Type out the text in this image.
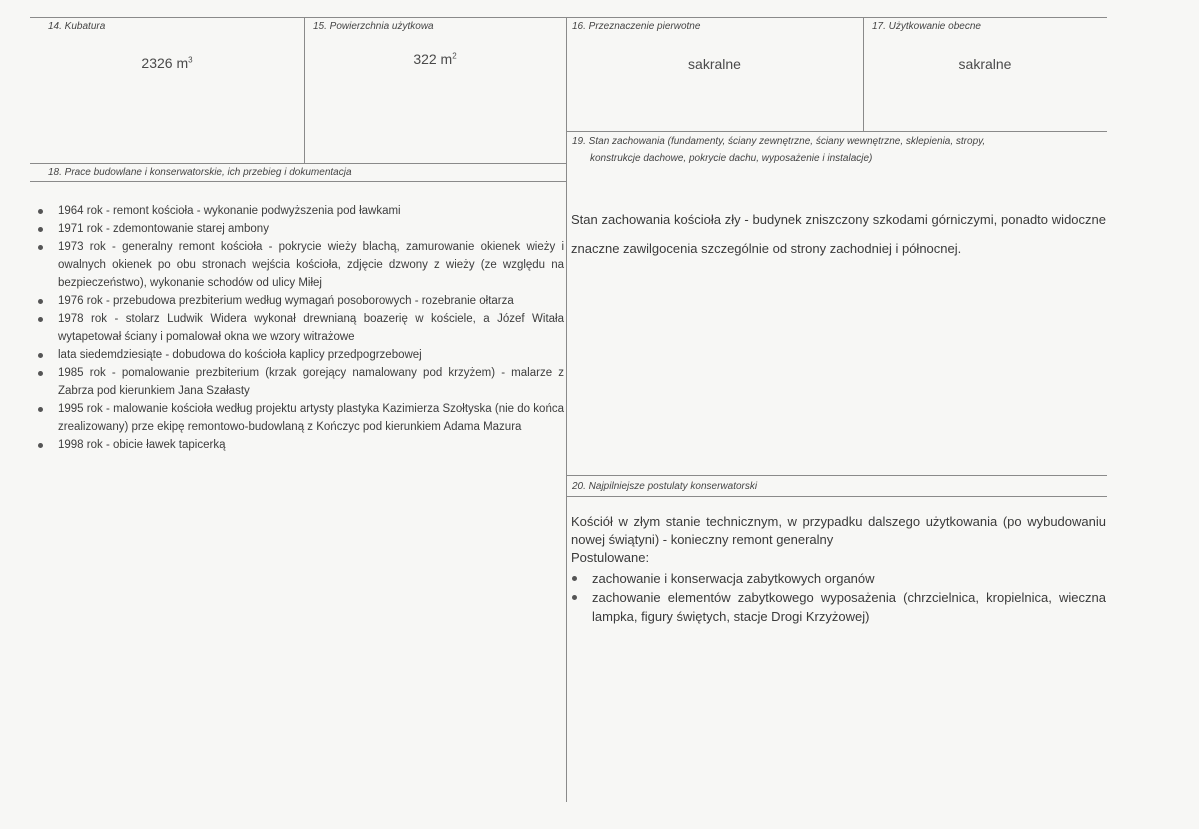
14. Kubatura
2326 $m^3$
15. Powierzchnia użytkowa
322 $m^2$
16. Przeznaczenie pierwotne
sakralne
17. Użytkowanie obecne
sakralne
18. Prace budowlane i konserwatorskie, ich przebieg i dokumentacja
1964 rok - remont kościoła - wykonanie podwyższenia pod ławkami
1971 rok - zdemontowanie starej ambony
1973 rok - generalny remont kościoła - pokrycie wieży blachą, zamurowanie okienek wieży i owalnych okienek po obu stronach wejścia kościoła, zdjęcie dzwony z wieży (ze względu na bezpieczeństwo), wykonanie schodów od ulicy Miłej
1976 rok - przebudowa prezbiterium według wymagań posoborowych - rozebranie ołtarza
1978 rok - stolarz Ludwik Widera wykonał drewnianą boazerię w kościele, a Józef Witała wytapetował ściany i pomalował okna we wzory witrażowe
lata siedemdziesiąte - dobudowa do kościoła kaplicy przedpogrzebowej
1985 rok - pomalowanie prezbiterium (krzak gorejący namalowany pod krzyżem) - malarze z Zabrza pod kierunkiem Jana Szałasty
1995 rok - malowanie kościoła według projektu artysty plastyka Kazimierza Szołtyska (nie do końca zrealizowany) prze ekipę remontowo-budowlaną z Kończyc pod kierunkiem Adama Mazura
1998 rok - obicie ławek tapicerką
19. Stan zachowania (fundamenty, ściany zewnętrzne, ściany wewnętrzne, sklepienia, stropy,
konstrukcje dachowe, pokrycie dachu, wyposażenie i instalacje)
Stan zachowania kościoła zły - budynek zniszczony szkodami górniczymi, ponadto widoczne znaczne zawilgocenia szczególnie od strony zachodniej i północnej.
20. Najpilniejsze postulaty konserwatorski
Kościół w złym stanie technicznym, w przypadku dalszego użytkowania (po wybudowaniu nowej świątyni) - konieczny remont generalny
Postulowane:
zachowanie i konserwacja zabytkowych organów
zachowanie elementów zabytkowego wyposażenia (chrzcielnica, kropielnica, wieczna lampka, figury świętych, stacje Drogi Krzyżowej)
